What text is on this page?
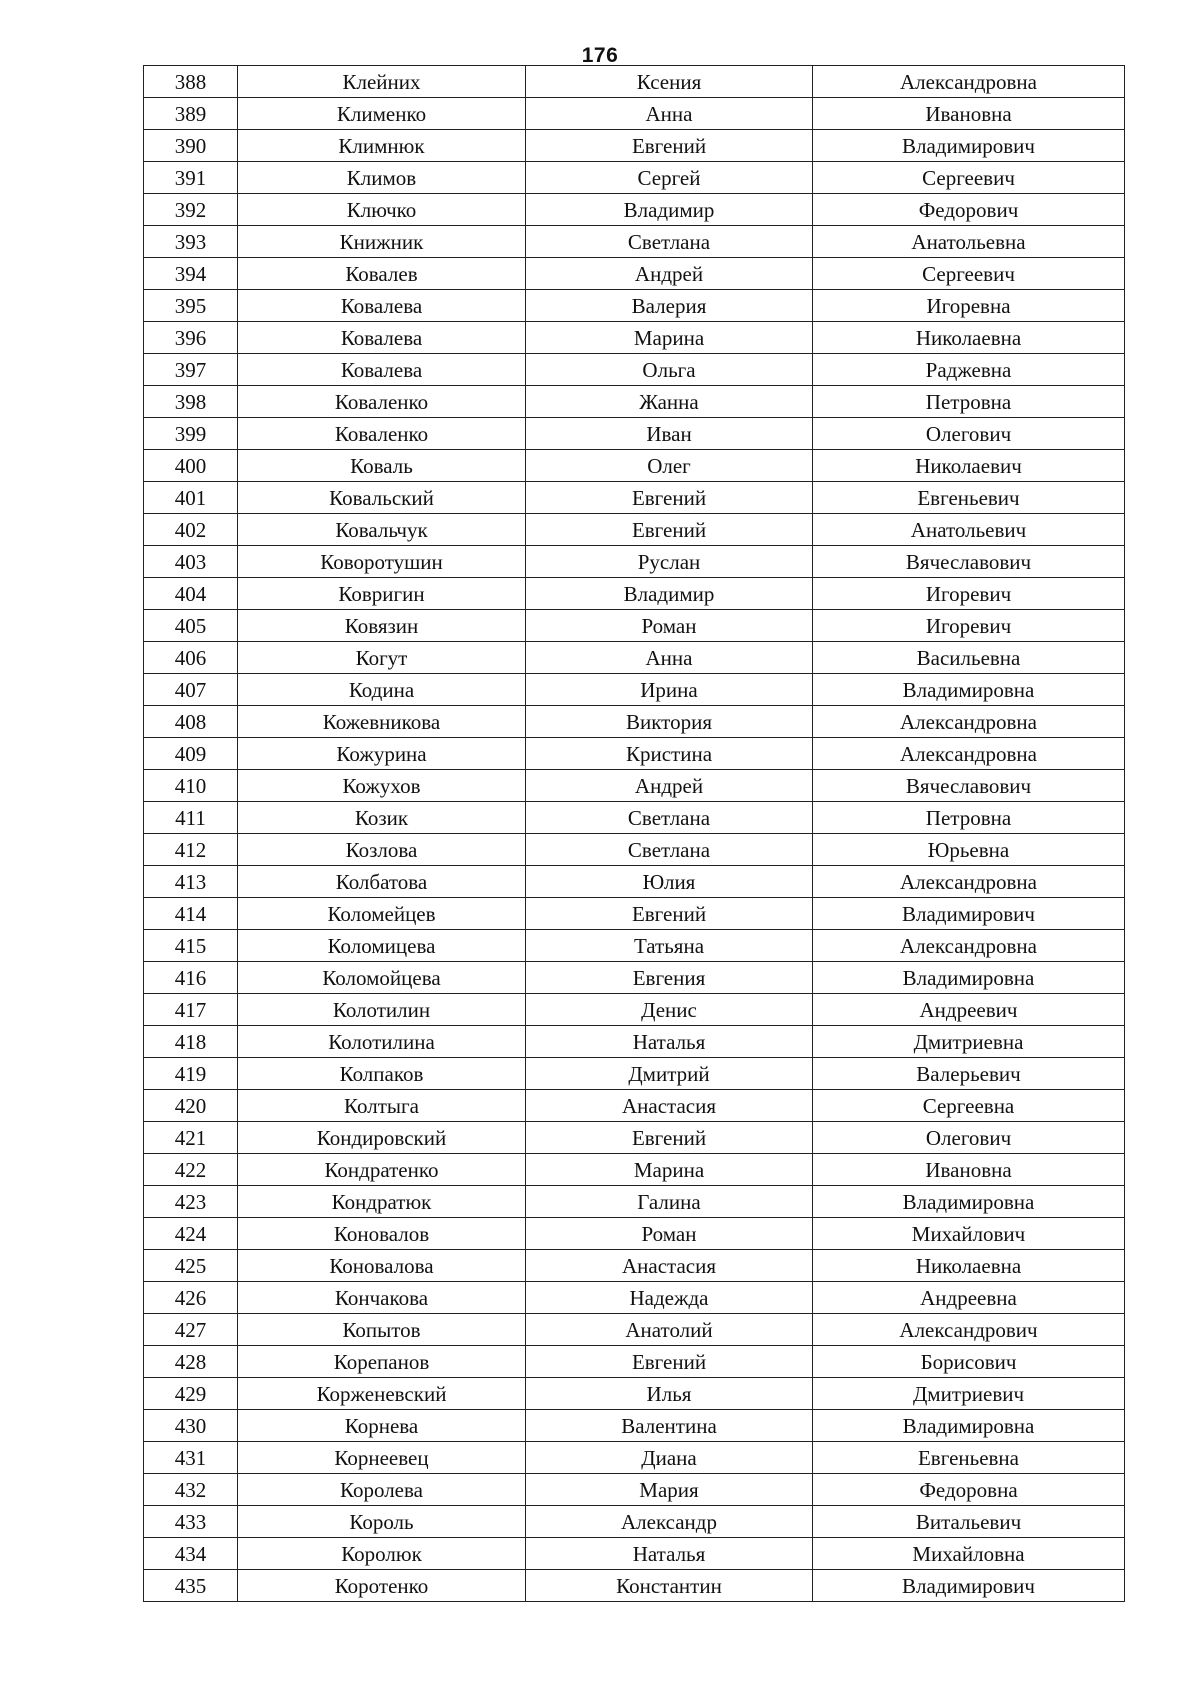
176
388	Клейних	Ксения	Александровна
389	Клименко	Анна	Ивановна
390	Климнюк	Евгений	Владимирович
391	Климов	Сергей	Сергеевич
392	Ключко	Владимир	Федорович
393	Книжник	Светлана	Анатольевна
394	Ковалев	Андрей	Сергеевич
395	Ковалева	Валерия	Игоревна
396	Ковалева	Марина	Николаевна
397	Ковалева	Ольга	Раджевна
398	Коваленко	Жанна	Петровна
399	Коваленко	Иван	Олегович
400	Коваль	Олег	Николаевич
401	Ковальский	Евгений	Евгеньевич
402	Ковальчук	Евгений	Анатольевич
403	Коворотушин	Руслан	Вячеславович
404	Ковригин	Владимир	Игоревич
405	Ковязин	Роман	Игоревич
406	Когут	Анна	Васильевна
407	Кодина	Ирина	Владимировна
408	Кожевникова	Виктория	Александровна
409	Кожурина	Кристина	Александровна
410	Кожухов	Андрей	Вячеславович
411	Козик	Светлана	Петровна
412	Козлова	Светлана	Юрьевна
413	Колбатова	Юлия	Александровна
414	Коломейцев	Евгений	Владимирович
415	Коломицева	Татьяна	Александровна
416	Коломойцева	Евгения	Владимировна
417	Колотилин	Денис	Андреевич
418	Колотилина	Наталья	Дмитриевна
419	Колпаков	Дмитрий	Валерьевич
420	Колтыга	Анастасия	Сергеевна
421	Кондировский	Евгений	Олегович
422	Кондратенко	Марина	Ивановна
423	Кондратюк	Галина	Владимировна
424	Коновалов	Роман	Михайлович
425	Коновалова	Анастасия	Николаевна
426	Кончакова	Надежда	Андреевна
427	Копытов	Анатолий	Александрович
428	Корепанов	Евгений	Борисович
429	Корженевский	Илья	Дмитриевич
430	Корнева	Валентина	Владимировна
431	Корнеевец	Диана	Евгеньевна
432	Королева	Мария	Федоровна
433	Король	Александр	Витальевич
434	Королюк	Наталья	Михайловна
435	Коротенко	Константин	Владимирович
